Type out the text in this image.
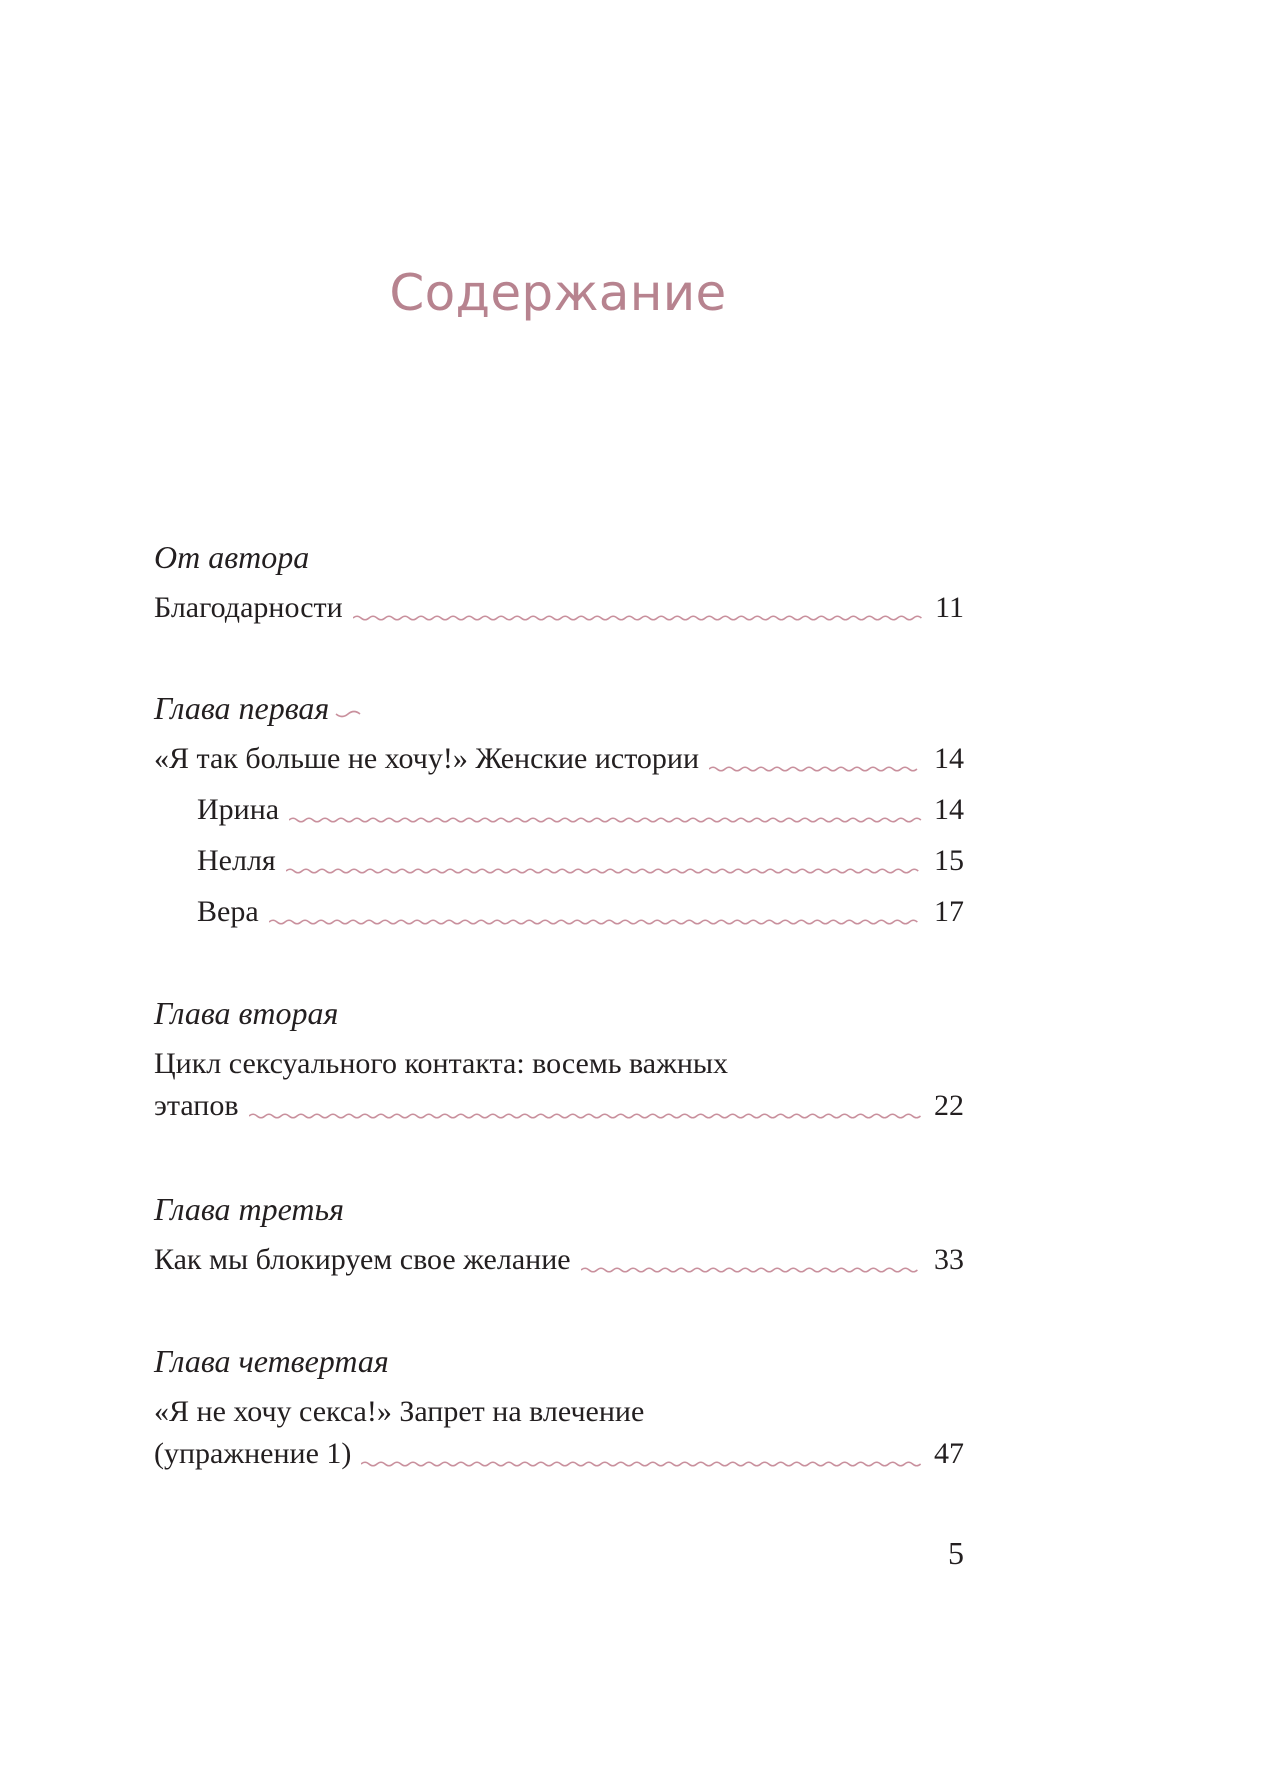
Содержание
От автора
Благодарности	11
Глава первая
«Я так больше не хочу!» Женские истории	14
Ирина	14
Нелля	15
Вера	17
Глава вторая
Цикл сексуального контакта: восемь важных
этапов	22
Глава третья
Как мы блокируем свое желание	33
Глава четвертая
«Я не хочу секса!» Запрет на влечение
(упражнение 1)	47
5
